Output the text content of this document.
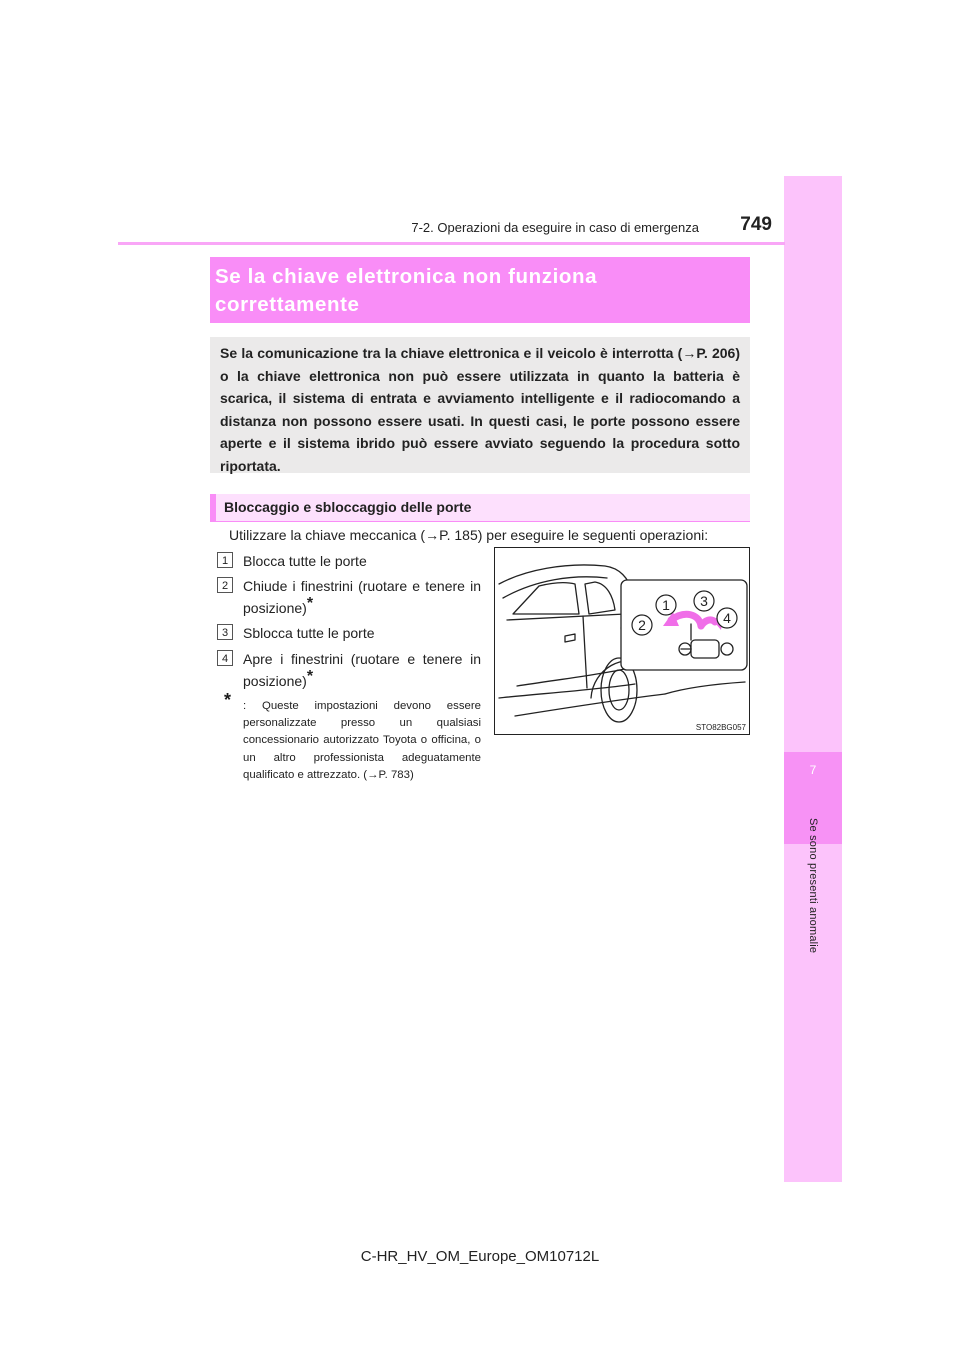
7
Se sono presenti anomalie
7-2. Operazioni da eseguire in caso di emergenza	749
Se la chiave elettronica non funziona correttamente

Se la comunicazione tra la chiave elettronica e il veicolo è interrotta (→P. 206) o la chiave elettronica non può essere utilizzata in quanto la batteria è scarica, il sistema di entrata e avviamento intelligente e il radiocomando a distanza non possono essere usati. In questi casi, le porte possono essere aperte e il sistema ibrido può essere avviato seguendo la procedura sotto riportata.

Bloccaggio e sbloccaggio delle porte
Utilizzare la chiave meccanica (→P. 185) per eseguire le seguenti operazioni:
1	Blocca tutte le porte
2	Chiude i finestrini (ruotare e tenere in posizione)*
3	Sblocca tutte le porte
4	Apre i finestrini (ruotare e tenere in posizione)*
* : Queste impostazioni devono essere personalizzate presso un qualsiasi concessionario autorizzato Toyota o officina, o un altro professionista adeguatamente qualificato e attrezzato. (→P. 783)
1
2
3
4
STO82BG057
C-HR_HV_OM_Europe_OM10712L
